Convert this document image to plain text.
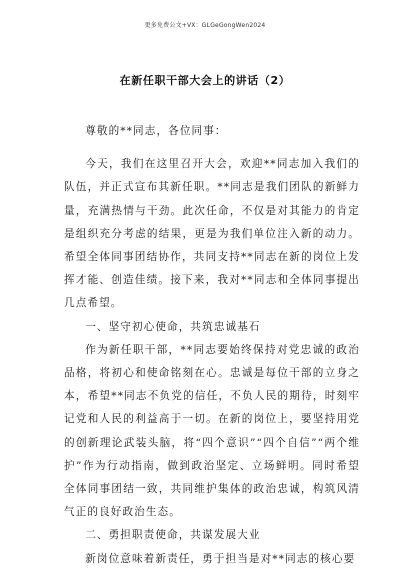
更多免费公文+VX：GLGeGongWen2024
在新任职干部大会上的讲话（2）

尊敬的**同志，各位同事：

今天，我们在这里召开大会，欢迎**同志加入我们的队伍，并正式宣布其新任职。**同志是我们团队的新鲜力量，充满热情与干劲。此次任命，不仅是对其能力的肯定是组织充分考虑的结果，更是为我们单位注入新的动力。希望全体同事团结协作，共同支持**同志在新的岗位上发挥才能、创造佳绩。接下来，我对**同志和全体同事提出几点希望。

一、坚守初心使命，共筑忠诚基石

作为新任职干部，**同志要始终保持对党忠诚的政治品格，将初心和使命铭刻在心。忠诚是每位干部的立身之本，希望**同志不负党的信任，不负人民的期待，时刻牢记党和人民的利益高于一切。在新的岗位上，要坚持用党的创新理论武装头脑，将“四个意识”“四个自信”“两个维护”作为行动指南，做到政治坚定、立场鲜明。同时希望全体同事团结一致，共同维护集体的政治忠诚，构筑风清气正的良好政治生态。

二、勇担职责使命，共谋发展大业

新岗位意味着新责任，勇于担当是对**同志的核心要
